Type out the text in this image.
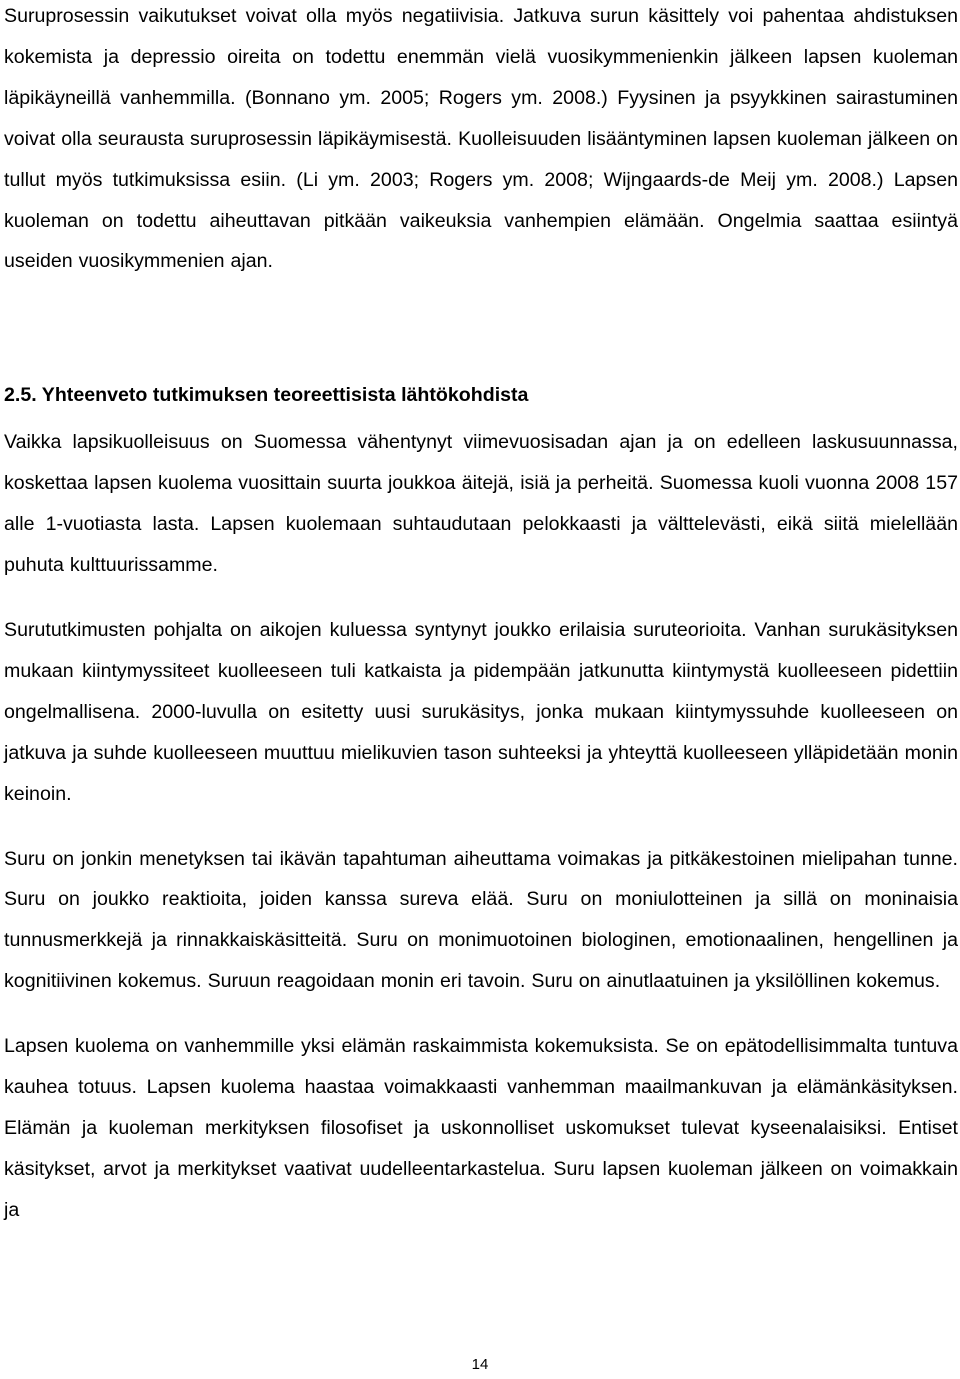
Suruprosessin vaikutukset voivat olla myös negatiivisia. Jatkuva surun käsittely voi pahentaa ahdistuksen kokemista ja depressio oireita on todettu enemmän vielä vuosikymmenienkin jälkeen lapsen kuoleman läpikäyneillä vanhemmilla. (Bonnano ym. 2005; Rogers ym. 2008.) Fyysinen ja psyykkinen sairastuminen voivat olla seurausta suruprosessin läpikäymisestä. Kuolleisuuden lisääntyminen lapsen kuoleman jälkeen on tullut myös tutkimuksissa esiin. (Li ym. 2003; Rogers ym. 2008; Wijngaards-de Meij ym. 2008.) Lapsen kuoleman on todettu aiheuttavan pitkään vaikeuksia vanhempien elämään. Ongelmia saattaa esiintyä useiden vuosikymmenien ajan.

2.5. Yhteenveto tutkimuksen teoreettisista lähtökohdista

Vaikka lapsikuolleisuus on Suomessa vähentynyt viimevuosisadan ajan ja on edelleen laskusuunnassa, koskettaa lapsen kuolema vuosittain suurta joukkoa äitejä, isiä ja perheitä. Suomessa kuoli vuonna 2008 157 alle 1-vuotiasta lasta. Lapsen kuolemaan suhtaudutaan pelokkaasti ja välttelevästi, eikä siitä mielellään puhuta kulttuurissamme.

Surututkimusten pohjalta on aikojen kuluessa syntynyt joukko erilaisia suruteorioita. Vanhan surukäsityksen mukaan kiintymyssiteet kuolleeseen tuli katkaista ja pidempään jatkunutta kiintymystä kuolleeseen pidettiin ongelmallisena. 2000-luvulla on esitetty uusi surukäsitys, jonka mukaan kiintymyssuhde kuolleeseen on jatkuva ja suhde kuolleeseen muuttuu mielikuvien tason suhteeksi ja yhteyttä kuolleeseen ylläpidetään monin keinoin.

Suru on jonkin menetyksen tai ikävän tapahtuman aiheuttama voimakas ja pitkäkestoinen mielipahan tunne. Suru on joukko reaktioita, joiden kanssa sureva elää. Suru on moniulotteinen ja sillä on moninaisia tunnusmerkkejä ja rinnakkaiskäsitteitä. Suru on monimuotoinen biologinen, emotionaalinen, hengellinen ja kognitiivinen kokemus. Suruun reagoidaan monin eri tavoin. Suru on ainutlaatuinen ja yksilöllinen kokemus.

Lapsen kuolema on vanhemmille yksi elämän raskaimmista kokemuksista. Se on epätodellisimmalta tuntuva kauhea totuus. Lapsen kuolema haastaa voimakkaasti vanhemman maailmankuvan ja elämänkäsityksen. Elämän ja kuoleman merkityksen filosofiset ja uskonnolliset uskomukset tulevat kyseenalaisiksi. Entiset käsitykset, arvot ja merkitykset vaativat uudelleentarkastelua. Suru lapsen kuoleman jälkeen on voimakkain ja

14
